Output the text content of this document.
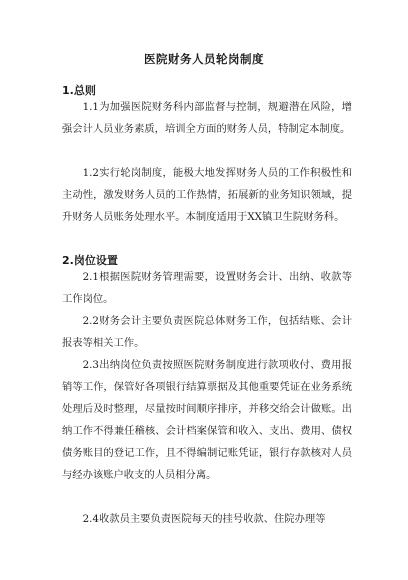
医院财务人员轮岗制度
1.总则

1.1为加强医院财务科内部监督与控制，规避潜在风险，增强会计人员业务素质，培训全方面的财务人员，特制定本制度。

1.2实行轮岗制度，能极大地发挥财务人员的工作积极性和主动性，激发财务人员的工作热情，拓展新的业务知识领域，提升财务人员账务处理水平。本制度适用于XX镇卫生院财务科。

2.岗位设置

2.1根据医院财务管理需要，设置财务会计、出纳、收款等工作岗位。

2.2财务会计主要负责医院总体财务工作，包括结账、会计报表等相关工作。

2.3出纳岗位负责按照医院财务制度进行款项收付、费用报销等工作，保管好各项银行结算票据及其他重要凭证在业务系统处理后及时整理，尽量按时间顺序排序，并移交给会计做账。出纳工作不得兼任稽核、会计档案保管和收入、支出、费用、债权债务账目的登记工作，且不得编制记账凭证，银行存款核对人员与经办该账户收支的人员相分离。

2.4收款员主要负责医院每天的挂号收款、住院办理等
